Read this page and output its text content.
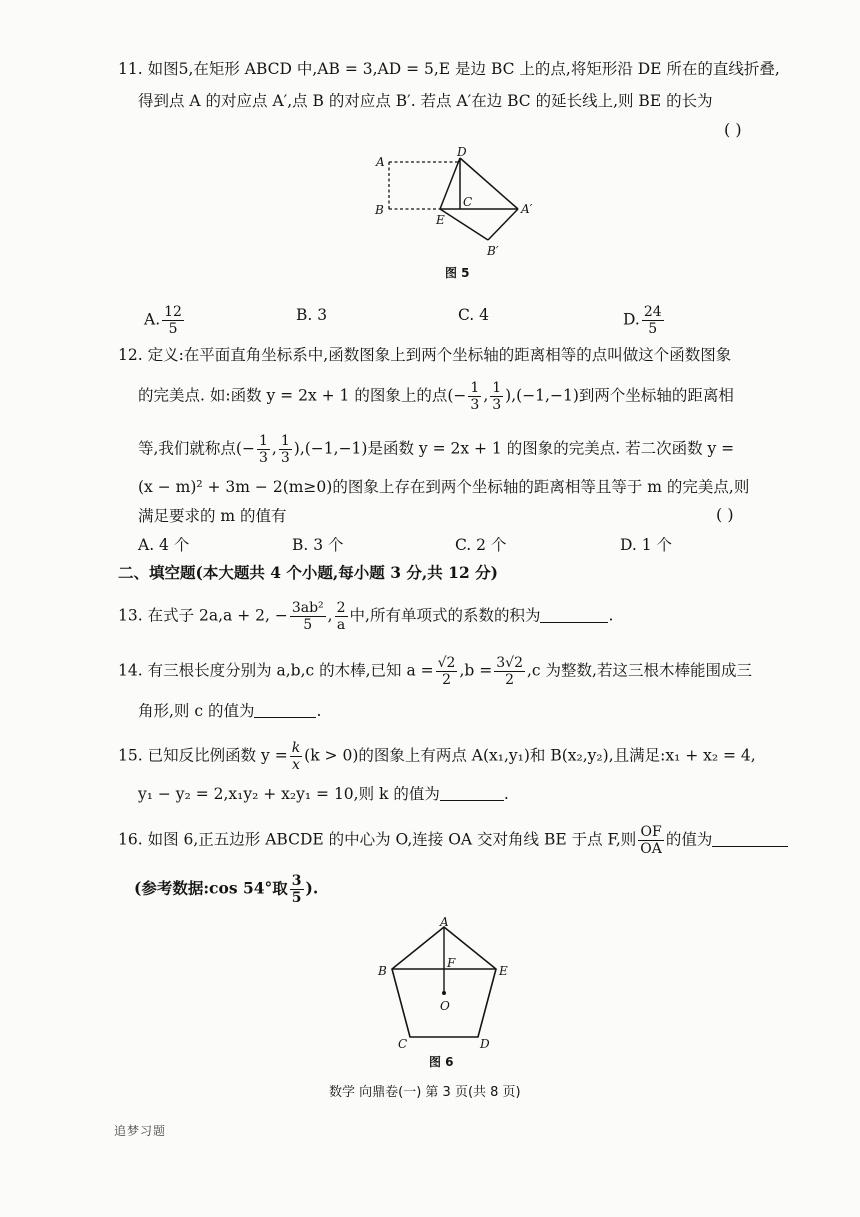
11. 如图5,在矩形 ABCD 中,AB = 3,AD = 5,E 是边 BC 上的点,将矩形沿 DE 所在的直线折叠,
得到点 A 的对应点 A′,点 B 的对应点 B′. 若点 A′在边 BC 的延长线上,则 BE 的长为
( )
A
D
B
E
C	A′
B′
图 5
A. $\frac{12}{5}$	B. 3	C. 4	D. $\frac{24}{5}$
12. 定义:在平面直角坐标系中,函数图象上到两个坐标轴的距离相等的点叫做这个函数图象
的完美点. 如:函数 y = 2x + 1 的图象上的点(− $\frac{1}{3}$ , $\frac{1}{3} ),(-1,-1)$到两个坐标轴的距离相
等,我们就称点(− $\frac{1}{3}$ , $\frac{1}{3} ),(-1,-1)$是函数 y = 2x + 1 的图象的完美点. 若二次函数 y =
(x − m)² + 3m − 2(m≥0)的图象上存在到两个坐标轴的距离相等且等于 m 的完美点,则
满足要求的 m 的值有	( )
A. 4 个	B. 3 个	C. 2 个	D. 1 个
二、填空题(本大题共 4 个小题,每小题 3 分,共 12 分)
13. 在式子 2a,a + 2, − $\frac{\text{3ab²}}{5}$ , $\frac{2}{a}$ 中,所有单项式的系数的积为	.
14. 有三根长度分别为 a,b,c 的木棒,已知 $a = \frac{√2}{2} ,b = \frac{3√2}{2} ,c$ 为整数,若这三根木棒能围成三
角形,则 c 的值为	.
15. 已知反比例函数 $y = \frac{k}{x} (k > 0)$的图象上有两点 A(x₁,y₁)和 B(x₂,y₂),且满足:x₁ + x₂ = 4,
y₁ − y₂ = 2,x₁y₂ + x₂y₁ = 10,则 k 的值为	.
16. 如图 6,正五边形 ABCDE 的中心为 O,连接 OA 交对角线 BE 于点 F,则 $\frac{OF}{OA}$ 的值为
(参考数据:cos 54°取 $\frac{3}{5}$ ).
A
B	E
F
O
C	D
图 6
数学 向鼎卷(一) 第 3 页(共 8 页)
追梦习题
